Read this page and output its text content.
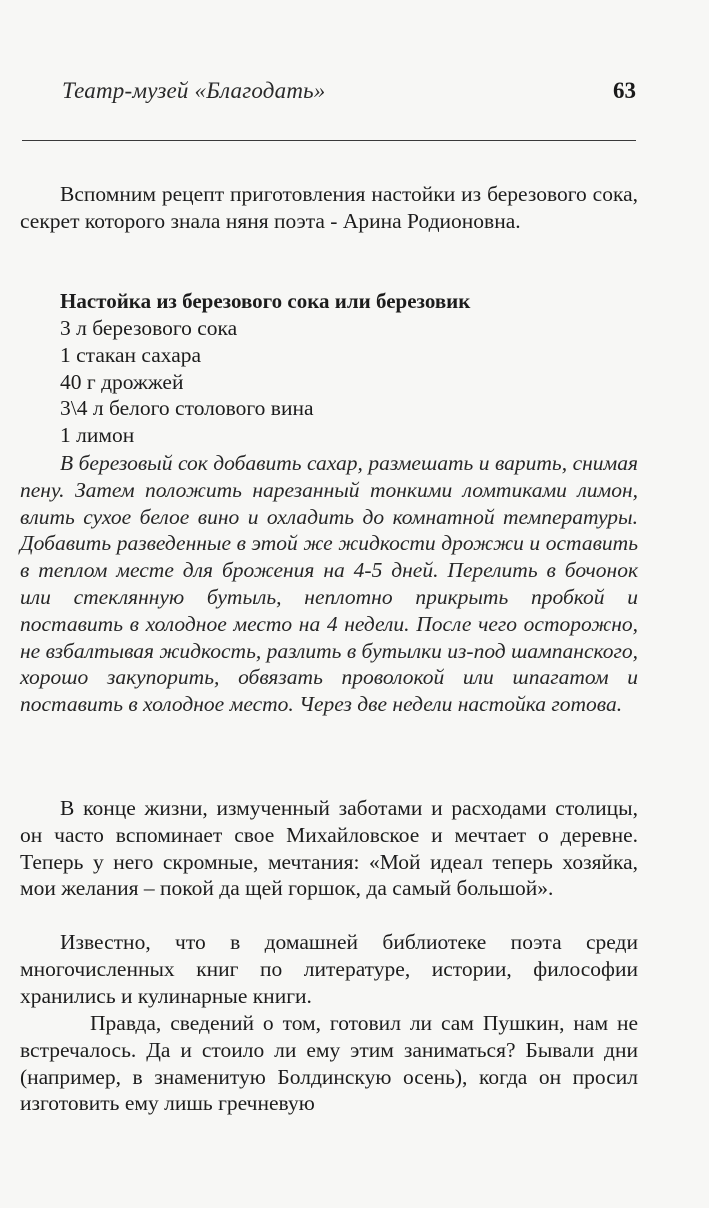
Театр-музей «Благодать»	63

Вспомним рецепт приготовления настойки из березового сока, секрет которого знала няня поэта - Арина Родионовна.

Настойка из березового сока или березовик

3 л березового сока
1 стакан сахара
40 г дрожжей
3\4 л белого столового вина
1 лимон

В березовый сок добавить сахар, размешать и варить, снимая пену. Затем положить нарезанный тонкими ломтиками лимон, влить сухое белое вино и охладить до комнатной температуры. Добавить разведенные в этой же жидкости дрожжи и оставить в теплом месте для брожения на 4-5 дней. Перелить в бочонок или стеклянную бутыль, неплотно прикрыть пробкой и поставить в холодное место на 4 недели. После чего осторожно, не взбалтывая жидкость, разлить в бутылки из-под шампанского, хорошо закупорить, обвязать проволокой или шпагатом и поставить в холодное место. Через две недели настойка готова.

В конце жизни, измученный заботами и расходами столицы, он часто вспоминает свое Михайловское и мечтает о деревне. Теперь у него скромные, мечтания: «Мой идеал теперь хозяйка, мои желания – покой да щей горшок, да самый большой».

Известно, что в домашней библиотеке поэта среди многочисленных книг по литературе, истории, философии хранились и кулинарные книги.

Правда, сведений о том, готовил ли сам Пушкин, нам не встречалось. Да и стоило ли ему этим заниматься? Бывали дни (например, в знаменитую Болдинскую осень), когда он просил изготовить ему лишь гречневую
